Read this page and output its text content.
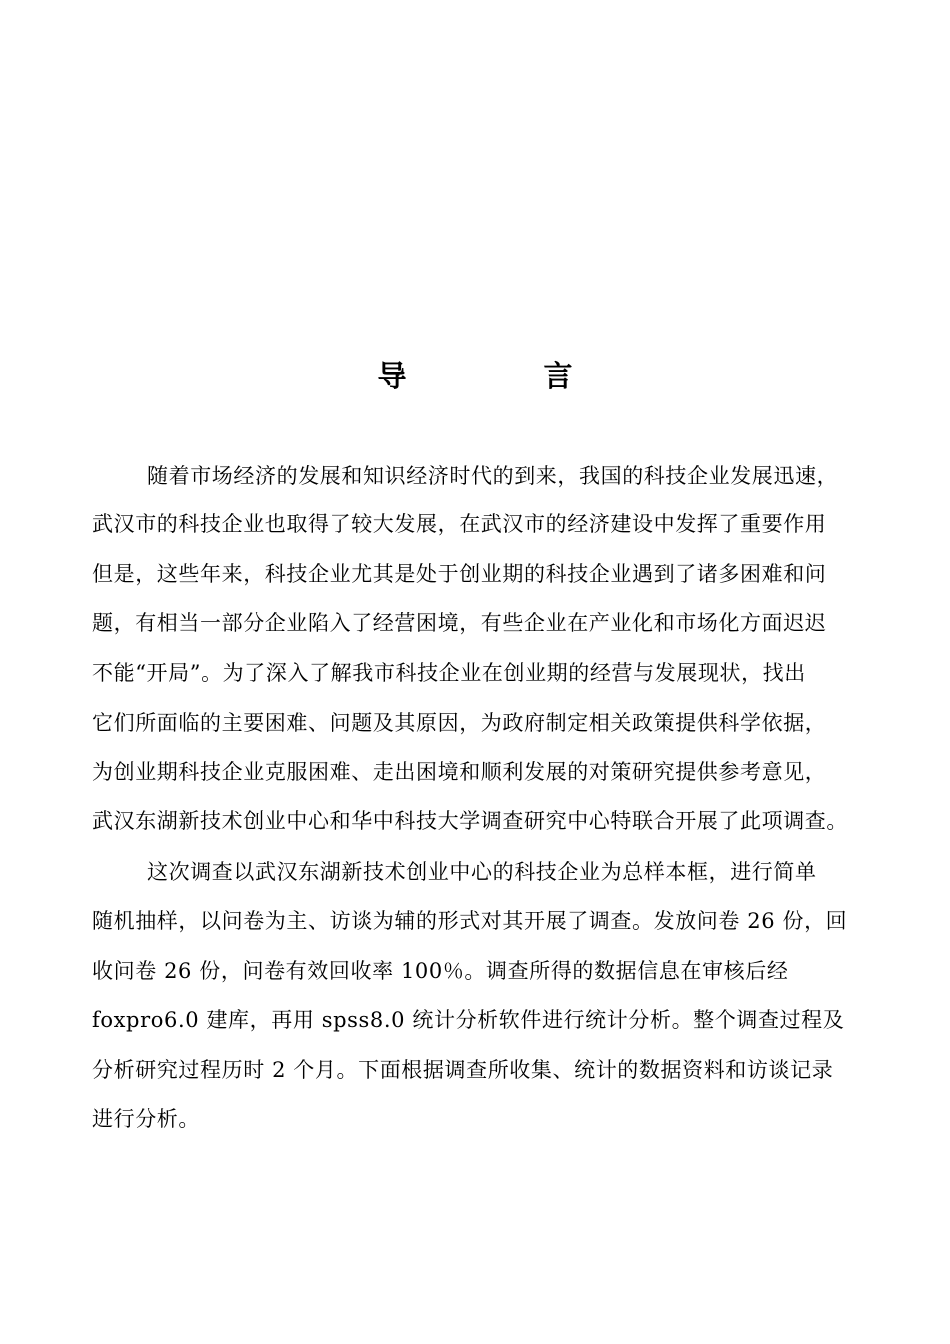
导　言
随着市场经济的发展和知识经济时代的到来，我国的科技企业发展迅速，
武汉市的科技企业也取得了较大发展，在武汉市的经济建设中发挥了重要作用
但是，这些年来，科技企业尤其是处于创业期的科技企业遇到了诸多困难和问
题，有相当一部分企业陷入了经营困境，有些企业在产业化和市场化方面迟迟
不能“开局”。为了深入了解我市科技企业在创业期的经营与发展现状，找出
它们所面临的主要困难、问题及其原因，为政府制定相关政策提供科学依据，
为创业期科技企业克服困难、走出困境和顺利发展的对策研究提供参考意见，
武汉东湖新技术创业中心和华中科技大学调查研究中心特联合开展了此项调查。
这次调查以武汉东湖新技术创业中心的科技企业为总样本框，进行简单
随机抽样，以问卷为主、访谈为辅的形式对其开展了调查。发放问卷 26 份，回
收问卷 26 份，问卷有效回收率 100％。调查所得的数据信息在审核后经
foxpro6.0 建库，再用 spss8.0 统计分析软件进行统计分析。整个调查过程及
分析研究过程历时 2 个月。下面根据调查所收集、统计的数据资料和访谈记录
进行分析。
